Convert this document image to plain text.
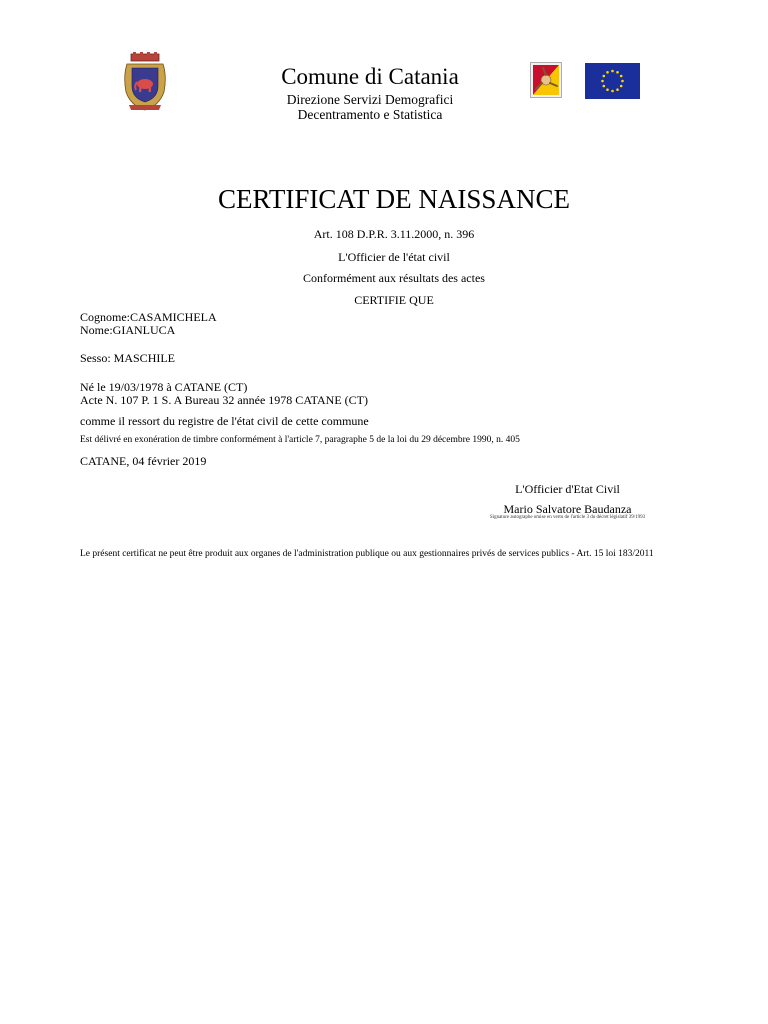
Comune di Catania
Direzione Servizi Demografici
Decentramento e Statistica
CERTIFICAT DE NAISSANCE
Art. 108 D.P.R. 3.11.2000, n. 396
L'Officier de l'état civil
Conformément aux résultats des actes
CERTIFIE QUE
Cognome:CASAMICHELA
Nome:GIANLUCA
Sesso: MASCHILE
Né le 19/03/1978 à CATANE (CT)
Acte N. 107 P. 1 S. A Bureau 32 année 1978 CATANE (CT)
comme il ressort du registre de l'état civil de cette commune
Est délivré en exonération de timbre conformément à l'article 7, paragraphe 5 de la loi du 29 décembre 1990, n. 405
CATANE, 04 février 2019
L'Officier d'Etat Civil
Mario Salvatore Baudanza
Signature autographe omise en vertu de l'article 3 du décret législatif 39/1993
Le présent certificat ne peut être produit aux organes de l'administration publique ou aux gestionnaires privés de services publics - Art. 15 loi 183/2011
